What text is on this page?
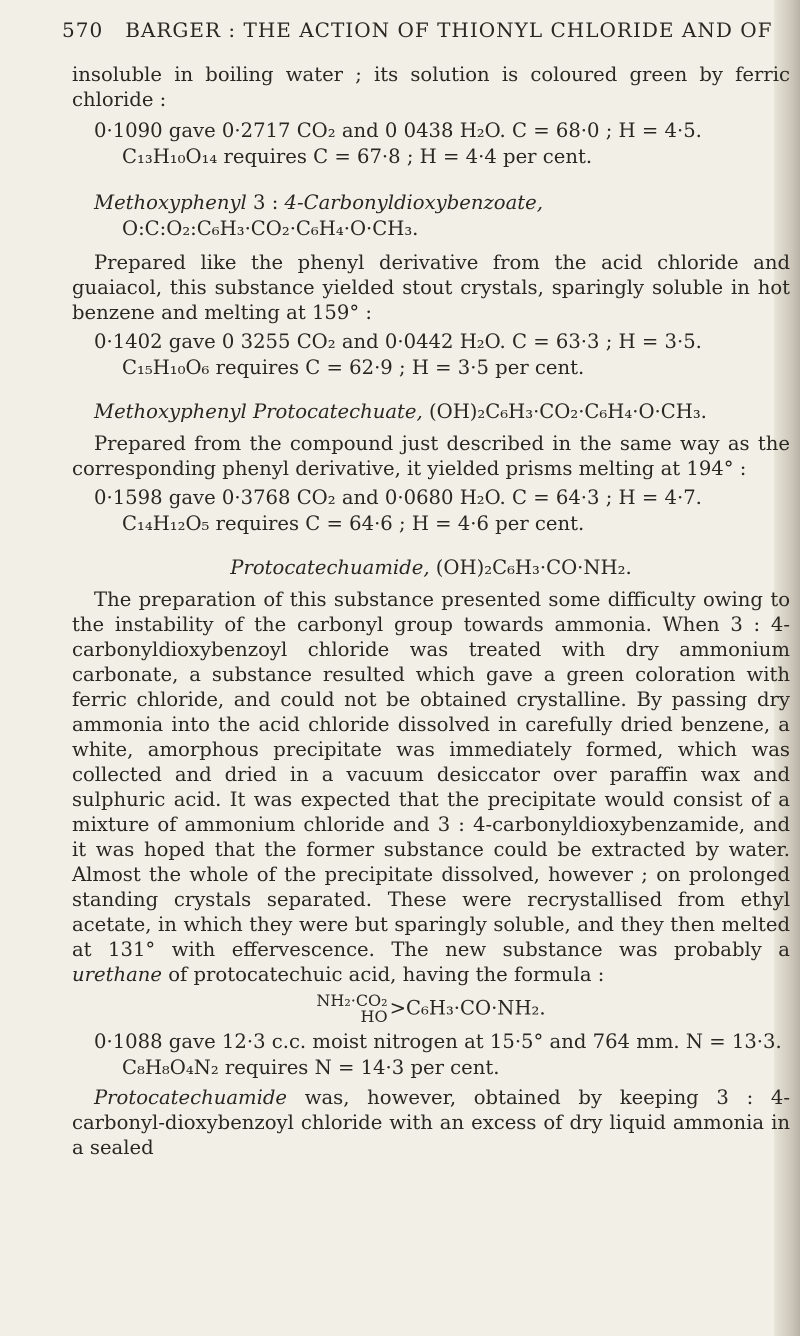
570 BARGER : THE ACTION OF THIONYL CHLORIDE AND OF
insoluble in boiling water ; its solution is coloured green by ferric chloride :
0·1090 gave 0·2717 CO₂ and 0 0438 H₂O. C = 68·0 ; H = 4·5.
C₁₃H₁₀O₁₄ requires C = 67·8 ; H = 4·4 per cent.
Methoxyphenyl 3 : 4-Carbonyldioxybenzoate,
O:C:O₂:C₆H₃·CO₂·C₆H₄·O·CH₃.
Prepared like the phenyl derivative from the acid chloride and guaiacol, this substance yielded stout crystals, sparingly soluble in hot benzene and melting at 159° :
0·1402 gave 0 3255 CO₂ and 0·0442 H₂O. C = 63·3 ; H = 3·5.
C₁₅H₁₀O₆ requires C = 62·9 ; H = 3·5 per cent.
Methoxyphenyl Protocatechuate, (OH)₂C₆H₃·CO₂·C₆H₄·O·CH₃.
Prepared from the compound just described in the same way as the corresponding phenyl derivative, it yielded prisms melting at 194° :
0·1598 gave 0·3768 CO₂ and 0·0680 H₂O. C = 64·3 ; H = 4·7.
C₁₄H₁₂O₅ requires C = 64·6 ; H = 4·6 per cent.
Protocatechuamide, (OH)₂C₆H₃·CO·NH₂.
The preparation of this substance presented some difficulty owing to the instability of the carbonyl group towards ammonia. When 3 : 4-carbonyldioxybenzoyl chloride was treated with dry ammonium carbonate, a substance resulted which gave a green coloration with ferric chloride, and could not be obtained crystalline. By passing dry ammonia into the acid chloride dissolved in carefully dried benzene, a white, amorphous precipitate was immediately formed, which was collected and dried in a vacuum desiccator over paraffin wax and sulphuric acid. It was expected that the precipitate would consist of a mixture of ammonium chloride and 3 : 4-carbonyldioxybenzamide, and it was hoped that the former substance could be extracted by water. Almost the whole of the precipitate dissolved, however ; on prolonged standing crystals separated. These were recrystallised from ethyl acetate, in which they were but sparingly soluble, and they then melted at 131° with effervescence. The new substance was probably a urethane of protocatechuic acid, having the formula :
NH₂·CO₂
HO >C₆H₃·CO·NH₂.
0·1088 gave 12·3 c.c. moist nitrogen at 15·5° and 764 mm. N = 13·3.
C₈H₈O₄N₂ requires N = 14·3 per cent.
Protocatechuamide was, however, obtained by keeping 3 : 4-carbonyl-dioxybenzoyl chloride with an excess of dry liquid ammonia in a sealed
